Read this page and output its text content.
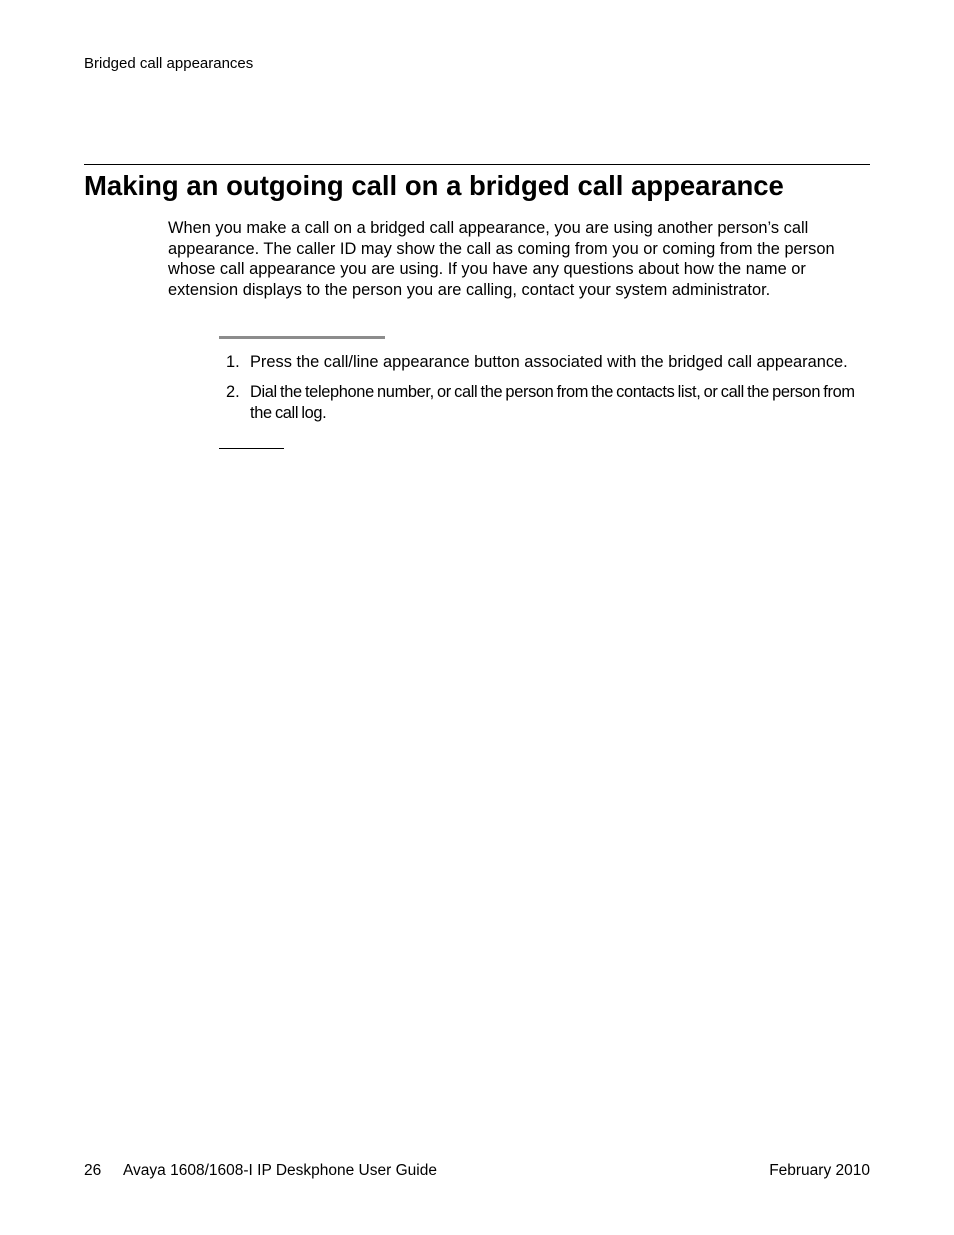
Bridged call appearances
Making an outgoing call on a bridged call appearance

When you make a call on a bridged call appearance, you are using another person’s call appearance. The caller ID may show the call as coming from you or coming from the person whose call appearance you are using. If you have any questions about how the name or extension displays to the person you are calling, contact your system administrator.

1. Press the call/line appearance button associated with the bridged call appearance.
2. Dial the telephone number, or call the person from the contacts list, or call the person from the call log.
26 Avaya 1608/1608-I IP Deskphone User Guide	February 2010
